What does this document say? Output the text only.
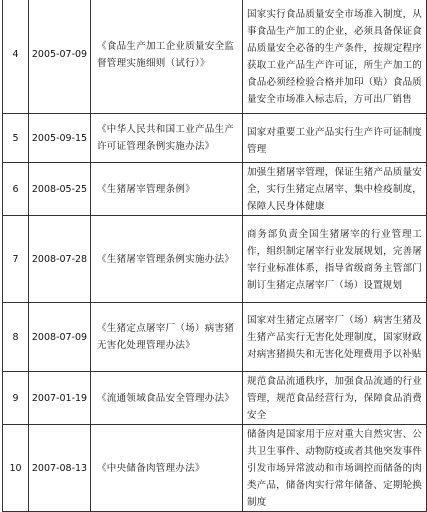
4	2005-07-09	《食品生产加工企业质量安全监督管理实施细则（试行）》	国家实行食品质量安全市场准入制度，从事食品生产加工的企业，必须具备保证食品质量安全必备的生产条件，按规定程序获取工业产品生产许可证，所生产加工的食品必须经检验合格并加印（贴）食品质量安全市场准入标志后，方可出厂销售
5	2005-09-15	《中华人民共和国工业产品生产许可证管理条例实施办法》	国家对重要工业产品实行生产许可证制度管理
6	2008-05-25	《生猪屠宰管理条例》	加强生猪屠宰管理，保证生猪产品质量安全，实行生猪定点屠宰、集中检疫制度，保障人民身体健康
7	2008-07-28	《生猪屠宰管理条例实施办法》	商务部负责全国生猪屠宰的行业管理工作，组织制定屠宰行业发展规划，完善屠宰行业标准体系，指导省级商务主管部门制订生猪定点屠宰厂（场）设置规划
8	2008-07-09	《生猪定点屠宰厂（场）病害猪无害化处理管理办法》	国家对生猪定点屠宰厂（场）病害生猪及生猪产品实行无害化处理制度，国家财政对病害猪损失和无害化处理费用予以补贴
9	2007-01-19	《流通领域食品安全管理办法》	规范食品流通秩序，加强食品流通的行业管理，规范食品经营行为，保障食品消费安全
10	2007-08-13	《中央储备肉管理办法》	储备肉是国家用于应对重大自然灾害、公共卫生事件、动物防疫或者其他突发事件引发市场异常波动和市场调控而储备的肉类产品，储备肉实行常年储备、定期轮换制度
